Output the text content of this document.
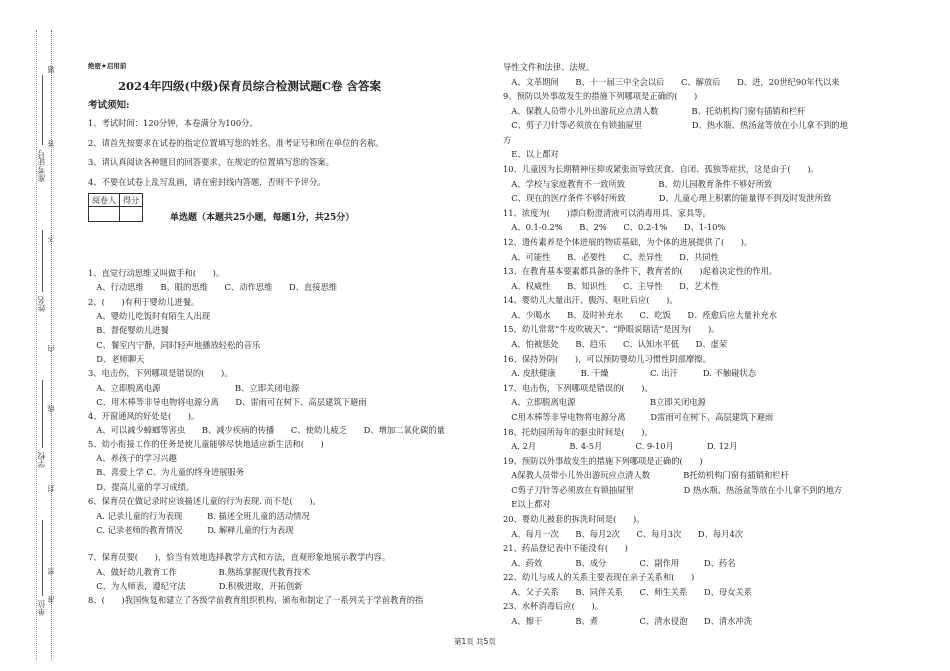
准考证号
姓名
学校
单位
题
答
不
内
线
封
密
准
绝密★启用前
2024年四级(中级)保育员综合检测试题C卷 含答案
考试须知:
1、考试时间：120分钟，本卷满分为100分。
2、请首先按要求在试卷的指定位置填写您的姓名、准考证号和所在单位的名称。
3、请认真阅读各种题目的回答要求，在规定的位置填写您的答案。
4、不要在试卷上乱写乱画，请在密封线内答题，否则不予评分。
阅卷人	得分

单选题（本题共25小题，每题1分，共25分）
1、直觉行动思维又叫做手和(　　)。
　A、行动思维　　B、眼的思维　　C、动作思维　　D、直接思维
2、(　　)有利于婴幼儿进餐。
　A、婴幼儿吃饭时有陌生人出现
　B、督促婴幼儿进餐
　C、餐室内宁静，同时轻声地播放轻松的音乐
　D、老师聊天
3、电击伤，下列哪项是错误的(　　)。
　A、立即脱离电源　　　　　　　　　B、立即关闭电源
　C、用木棒等非导电物将电源分离　　D、雷雨可在树下、高层建筑下避雨
4、开窗通风的好处是(　　)。
　A、可以减少蟑螂等害虫　　B、减少疾病的传播　　C、使幼儿疲乏　　D、增加二氧化碳的量
5、幼小衔接工作的任务是使儿童能够尽快地适应新生活和(　　)
　A、养孩子的学习兴趣
　B、喜爱上学 C、为儿童的终身进展服务
　D、提高儿童的学习成绩。
6、保育员在做记录时应该描述儿童的行为表现. 而不是(　　)。
　A. 记录儿童的行为表现　　　B. 描述全班儿童的活动情况
　C. 记录老师的教育情况　　　D. 解释儿童的行为表现
7、保育员要(　　)，恰当有效地选择教学方式和方法，直观形象地展示教学内容。
　A、做好幼儿教育工作　　　　　B.熟练掌握现代教育技术
　C、为人师表，遵纪守法　　　　D.积极进取，开拓创新
8、(　　)我国恢复和建立了各级学前教育组织机构，颁布和制定了一系列关于学前教育的指
导性文件和法律、法规。
　A、文革期间　　B、十一届三中全会以后　　C、解放后　　D、进，20世纪90年代以来
9、预防以外事故发生的措施下列哪项是正确的(　　)
　A、保教人员带小儿外出游玩应点清人数　　　　B、托幼机构门窗有插销和栏杆
　C、剪子刀针等必须放在有锁抽屉里　　　　　　D、热水瓶、热汤盆等放在小儿拿不到的地
方
　E、以上都对
10、儿童因为长期精神压抑或紧张而导致厌食、自闭、孤独等症状，这是由于(　　)。
　A、学校与家庭教育不一致所致　　　　B、幼儿园教育条件不够好所致
　C、现在的医疗条件不够好所致　　　　D、儿童心理上积累的能量得不到及时发泄所致
11、浓度为(　　)漂白粉澄清液可以消毒用具、家具等。
　A、0.1-0.2%　　B、2%　　C、0.2-1%　　D、1-10%
12、遗传素养是个体进展的物质基础，为个体的进展提供了(　　)。
　A、可能性　　B、必要性　　C、差异性　　D、共同性
13、在教育基本要素都具备的条件下，教育者的(　　)起着决定性的作用。
　A、权威性　　B、知识性　　C、主导性　　D、艺术性
14、婴幼儿大量出汗、腹泻、呕吐后应(　　)。
　A、少喝水　　B、及时补充水　　C、吃饭　　D、痊愈后应大量补充水
15、幼儿常常“牛皮吹破天”、“睁眼说瞎话”是因为(　　)。
　A、怕被惩处　　B、趋乐　　C、认知水平低　　D、虚荣
16、保持外阴(　　)，可以预防婴幼儿习惯性阴部摩擦。
　A. 皮肤健康　　　B. 干燥　　　　　C. 出汗　　　D. 不触碰状态
17、电击伤，下列哪项是错误的(　　)。
　A、立即脱离电源　　　　　　　　　B立即关闭电源
　C用木棒等非导电物将电源分离　　　D雷雨可在树下、高层建筑下避雨
18、托幼园所每年的驱虫时间是(　　)。
　A. 2月　　　　B. 4-5月　　　　C. 9-10月　　　　D. 12月
19、预防以外事故发生的措施下列哪项是正确的(　　)
　A保教人员带小儿外出游玩应点清人数　　　　B托幼机构门窗有插销和栏杆
　C剪子刀针等必须放在有锁抽屉里　　　　　　D 热水瓶、热汤盆等放在小儿拿不到的地方
　E以上都对
20、婴幼儿被套的拆洗时间是(　　)。
　A、每月一次　　B、每月2次　　C、每月3次　　D、每月4次
21、药品登记表中不能没有(　　)
　A、药效　　　　B、成分　　　　C、副作用　　　D、药名
22、幼儿与成人的关系主要表现在亲子关系和(　　)
　A、父子关系　　B、同伴关系　　C、师生关系　　D、母女关系
23、水杯消毒后应(　　)。
　A、擦干　　　　B、煮　　　　　C、清水侵泡　　D、清水冲洗
第1页 共5页
